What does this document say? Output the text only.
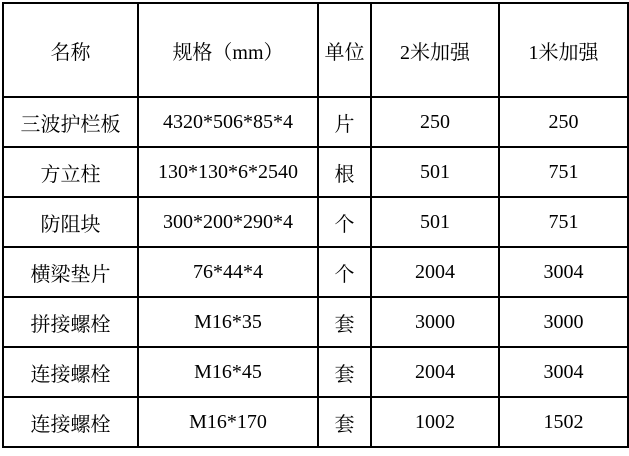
名称	规格（mm）	单位	2米加强	1米加强
三波护栏板	4320*506*85*4	片	250	250
方立柱	130*130*6*2540	根	501	751
防阻块	300*200*290*4	个	501	751
横梁垫片	76*44*4	个	2004	3004
拼接螺栓	M16*35	套	3000	3000
连接螺栓	M16*45	套	2004	3004
连接螺栓	M16*170	套	1002	1502
